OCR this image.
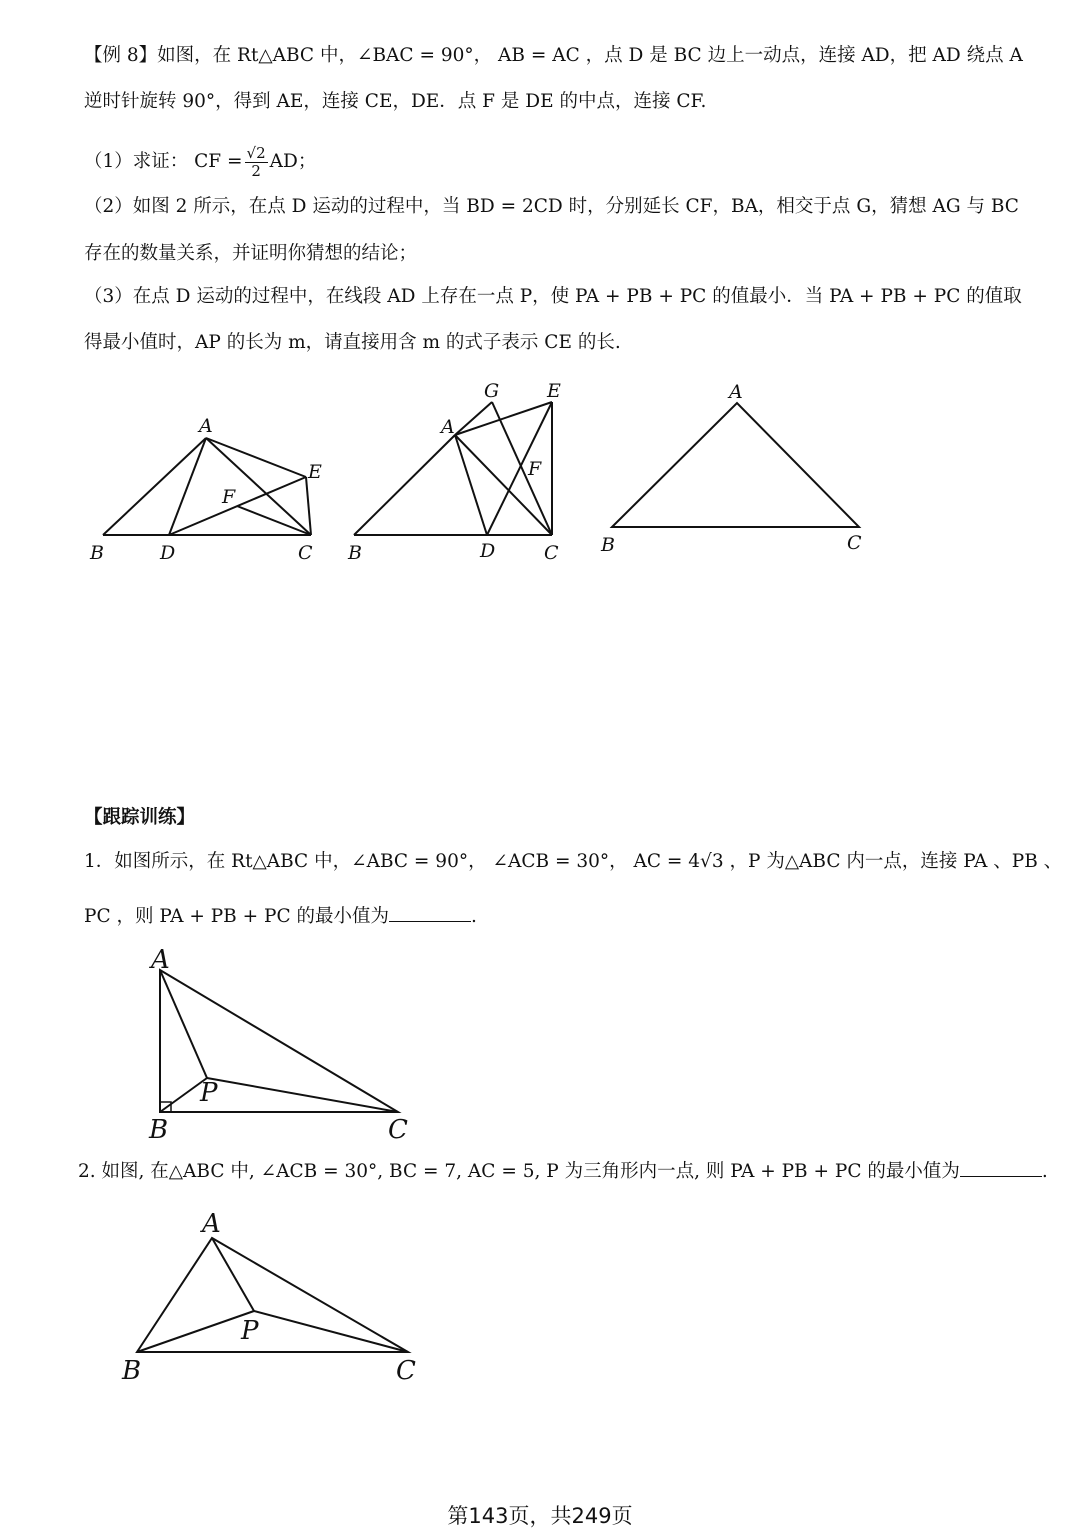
【例 8】如图，在 Rt△ABC 中，∠BAC = 90°， AB = AC ，点 D 是 BC 边上一动点，连接 AD，把 AD 绕点 A
逆时针旋转 90°，得到 AE，连接 CE，DE．点 F 是 DE 的中点，连接 CF.
（1）求证： CF = $\frac{√2}{2}$ AD；
（2）如图 2 所示，在点 D 运动的过程中，当 BD = 2CD 时，分别延长 CF，BA，相交于点 G，猜想 AG 与 BC
存在的数量关系，并证明你猜想的结论；
（3）在点 D 运动的过程中，在线段 AD 上存在一点 P，使 PA + PB + PC 的值最小．当 PA + PB + PC 的值取
得最小值时，AP 的长为 m，请直接用含 m 的式子表示 CE 的长.
A
B	D	C
E
F
G	E
A
F
B	D	C
A
B	C
A
B	C
P
A
B	C
P
【跟踪训练】
1．如图所示，在 Rt△ABC 中，∠ABC = 90°， ∠ACB = 30°， AC = 4√3 ，P 为△ABC 内一点，连接 PA 、PB 、
PC ，则 PA + PB + PC 的最小值为	.
2. 如图, 在△ABC 中, ∠ACB = 30°, BC = 7, AC = 5, P 为三角形内一点, 则 PA + PB + PC 的最小值为	.
第143页，共249页
